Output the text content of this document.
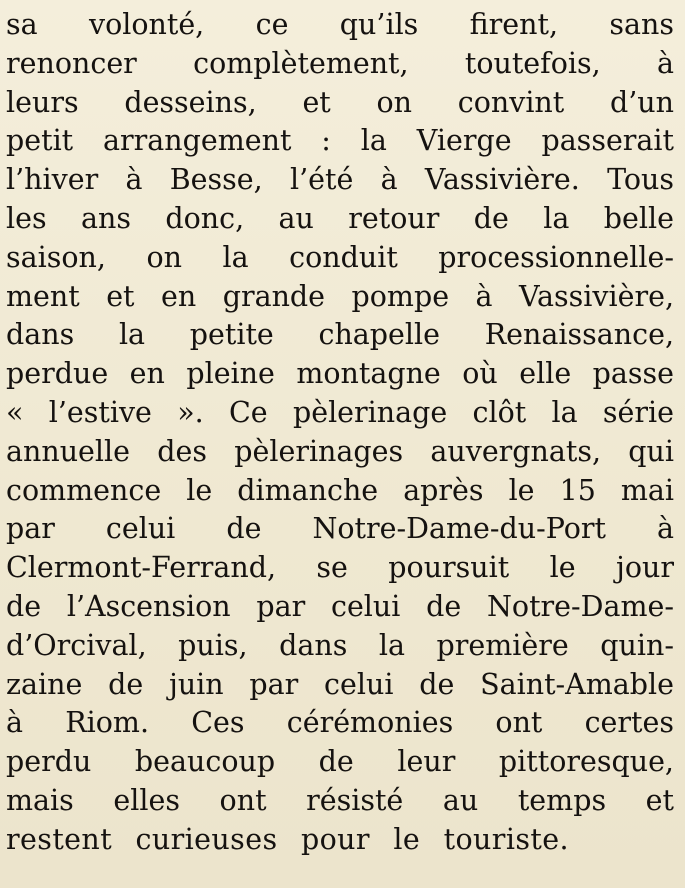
sa volonté, ce qu’ils firent, sans
renoncer complètement, toutefois, à
leurs desseins, et on convint d’un
petit arrangement : la Vierge passerait
l’hiver à Besse, l’été à Vassivière. Tous
les ans donc, au retour de la belle
saison, on la conduit processionnelle-
ment et en grande pompe à Vassivière,
dans la petite chapelle Renaissance,
perdue en pleine montagne où elle passe
« l’estive ». Ce pèlerinage clôt la série
annuelle des pèlerinages auvergnats, qui
commence le dimanche après le 15 mai
par celui de Notre-Dame-du-Port à
Clermont-Ferrand, se poursuit le jour
de l’Ascension par celui de Notre-Dame-
d’Orcival, puis, dans la première quin-
zaine de juin par celui de Saint-Amable
à Riom. Ces cérémonies ont certes
perdu beaucoup de leur pittoresque,
mais elles ont résisté au temps et
restent curieuses pour le touriste.
